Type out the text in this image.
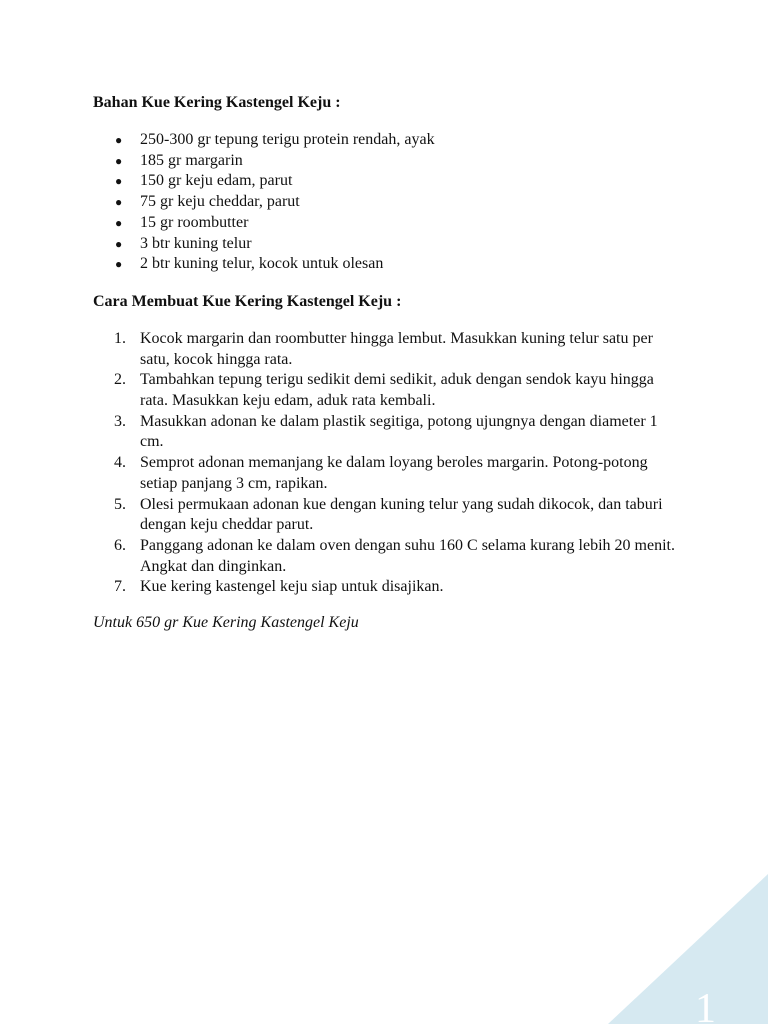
Bahan Kue Kering Kastengel Keju :
● 250-300 gr tepung terigu protein rendah, ayak
● 185 gr margarin
● 150 gr keju edam, parut
● 75 gr keju cheddar, parut
● 15 gr roombutter
● 3 btr kuning telur
● 2 btr kuning telur, kocok untuk olesan
Cara Membuat Kue Kering Kastengel Keju :
1. Kocok margarin dan roombutter hingga lembut. Masukkan kuning telur satu per satu, kocok hingga rata.
2. Tambahkan tepung terigu sedikit demi sedikit, aduk dengan sendok kayu hingga rata. Masukkan keju edam, aduk rata kembali.
3. Masukkan adonan ke dalam plastik segitiga, potong ujungnya dengan diameter 1 cm.
4. Semprot adonan memanjang ke dalam loyang beroles margarin. Potong-potong setiap panjang 3 cm, rapikan.
5. Olesi permukaan adonan kue dengan kuning telur yang sudah dikocok, dan taburi dengan keju cheddar parut.
6. Panggang adonan ke dalam oven dengan suhu 160 C selama kurang lebih 20 menit. Angkat dan dinginkan.
7. Kue kering kastengel keju siap untuk disajikan.

Untuk 650 gr Kue Kering Kastengel Keju

1
